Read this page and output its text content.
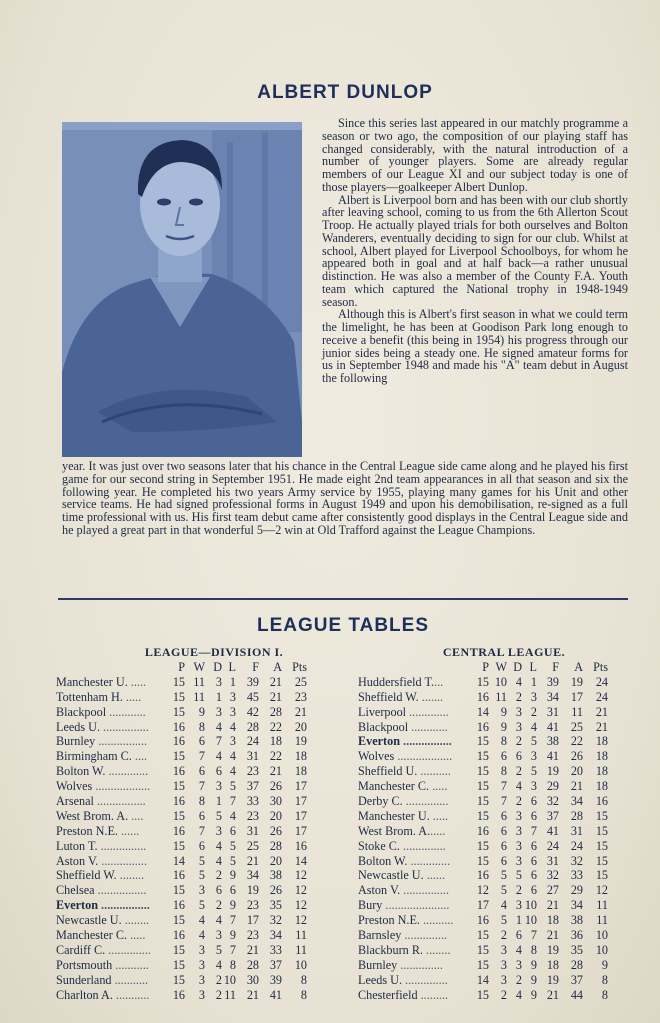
ALBERT DUNLOP

Since this series last appeared in our matchly programme a season or two ago, the composition of our playing staff has changed considerably, with the natural introduction of a number of younger players. Some are already regular members of our League XI and our subject today is one of those players—goalkeeper Albert Dunlop.

Albert is Liverpool born and has been with our club shortly after leaving school, coming to us from the 6th Allerton Scout Troop. He actually played trials for both ourselves and Bolton Wanderers, eventually deciding to sign for our club. Whilst at school, Albert played for Liverpool Schoolboys, for whom he appeared both in goal and at half back—a rather unusual distinction. He was also a member of the County F.A. Youth team which captured the National trophy in 1948-1949 season.

Although this is Albert's first season in what we could term the limelight, he has been at Goodison Park long enough to receive a benefit (this being in 1954) his progress through our junior sides being a steady one. He signed amateur forms for us in September 1948 and made his "A" team debut in August the following

year. It was just over two seasons later that his chance in the Central League side came along and he played his first game for our second string in September 1951. He made eight 2nd team appearances in all that season and six the following year. He completed his two years Army service by 1955, playing many games for his Unit and other service teams. He had signed professional forms in August 1949 and upon his demobilisation, re-signed as a full time professional with us. His first team debut came after consistently good displays in the Central League side and he played a great part in that wonderful 5—2 win at Old Trafford against the League Champions.
LEAGUE TABLES
LEAGUE—DIVISION I.
P W D L	F	A Pts
Manchester U. .....	15 11 3 1 39 21	25
Tottenham H. .....	15 11 1 3 45 21	23
Blackpool ............	15	9 3 3 42 28	21
Leeds U. ...............	16	8 4 4 28 22	20
Burnley ................	16	6 7 3 24 18	19
Birmingham C. ....	15	7 4 4 31 22	18
Bolton W. .............	16	6 6 4 23 21	18
Wolves ..................	15	7 3 5 37 26	17
Arsenal ................	16	8 1 7 33 30	17
West Brom. A. ....	15	6 5 4 23 20	17
Preston N.E. ......	16	7 3 6 31 26	17
Luton T. ...............	15	6 4 5 25 28	16
Aston V. ...............	14	5 4 5 21 20	14
Sheffield W. ........	16	5 2 9 34 38	12
Chelsea ................	15	3 6 6 19 26	12
Everton ................	16	5 2 9 23 35	12
Newcastle U. ........	15	4 4 7 17 32	12
Manchester C. .....	16	4 3 9 23 34	11
Cardiff C. ..............	15	3 5 7 21 33	11
Portsmouth ...........	15	3 4 8 28 37	10
Sunderland ...........	15	3 2 10 30 39	8
Charlton A. ...........	16	3 2 11 21 41	8
CENTRAL LEAGUE.
P W D L	F	A Pts
Huddersfield T....	15 10 4 1 39 19	24
Sheffield W. .......	16 11 2 3 34 17	24
Liverpool .............	14 9 3 2 31	11	21
Blackpool ............	16 9 3 4 41 25	21
Everton ................	15 8 2 5 38 22	18
Wolves ..................	15 6 6 3 41 26	18
Sheffield U. ..........	15 8 2 5 19 20	18
Manchester C. .....	15 7 4 3 29 21	18
Derby C. ..............	15 7 2 6 32 34	16
Manchester U. .....	15 6 3 6 37 28	15
West Brom. A......	16 6 3 7 41 31	15
Stoke C. ..............	15 6 3 6 24 24	15
Bolton W. .............	15 6 3 6 31 32	15
Newcastle U. ......	16 5 5 6 32 33	15
Aston V. ...............	12 5 2 6 27 29	12
Bury .....................	17 4 3 10 21 34	11
Preston N.E. ..........	16 5 1 10 18 38	11
Barnsley ..............	15 2 6 7 21 36	10
Blackburn R. ........	15 3 4 8 19 35	10
Burnley ..............	15 3 3 9 18 28	9
Leeds U. ..............	14 3 2 9 19 37	8
Chesterfield .........	15 2 4 9 21 44	8
